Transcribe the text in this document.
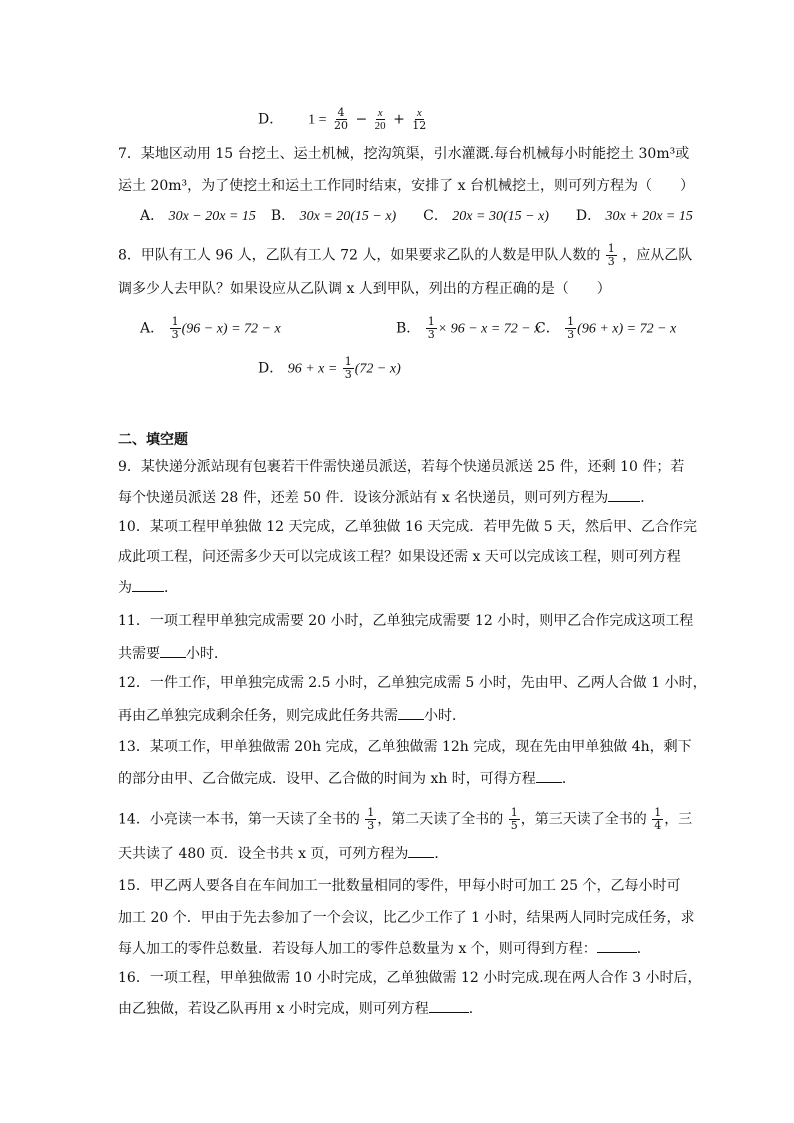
D． $1 = \frac{4}{20} - \frac{x}{20} + \frac{x}{12}$
7．某地区动用 15 台挖土、运土机械，挖沟筑渠，引水灌溉.每台机械每小时能挖土 30m³或
运土 20m³，为了使挖土和运土工作同时结束，安排了 x 台机械挖土，则可列方程为（　　）
A． 30x − 20x = 15 B． 30x = 20(15 − x) C． 20x = 30(15 − x) D． 30x + 20x = 15
8．甲队有工人 96 人，乙队有工人 72 人，如果要求乙队的人数是甲队人数的 $\frac{1}{3}$ ，应从乙队
调多少人去甲队？如果设应从乙队调 x 人到甲队，列出的方程正确的是（　　）
A． $\frac{1}{3} (96 - x) = 72 - x$	B． $\frac{1}{3} \times 96 - x = 72 - x$
C． $\frac{1}{3} (96 + x) = 72 - x$
D． $96 + x = \frac{1}{3} (72 - x)$
二、填空题
9．某快递分派站现有包裹若干件需快递员派送，若每个快递员派送 25 件，还剩 10 件；若
每个快递员派送 28 件，还差 50 件．设该分派站有 x 名快递员，则可列方程为 ．
10．某项工程甲单独做 12 天完成，乙单独做 16 天完成．若甲先做 5 天，然后甲、乙合作完
成此项工程，问还需多少天可以完成该工程？如果设还需 x 天可以完成该工程，则可列方程
为 ．
11．一项工程甲单独完成需要 20 小时，乙单独完成需要 12 小时，则甲乙合作完成这项工程
共需要 小时．
12．一件工作，甲单独完成需 2.5 小时，乙单独完成需 5 小时，先由甲、乙两人合做 1 小时，
再由乙单独完成剩余任务，则完成此任务共需 小时．
13．某项工作，甲单独做需 20h 完成，乙单独做需 12h 完成，现在先由甲单独做 4h，剩下
的部分由甲、乙合做完成．设甲、乙合做的时间为 xh 时，可得方程 ．
14．小亮读一本书，第一天读了全书的 $\frac{1}{3}$ ，第二天读了全书的 $\frac{1}{5}$ ，第三天读了全书的 $\frac{1}{4}$ ，三
天共读了 480 页．设全书共 x 页，可列方程为 ．
15．甲乙两人要各自在车间加工一批数量相同的零件，甲每小时可加工 25 个，乙每小时可
加工 20 个．甲由于先去参加了一个会议，比乙少工作了 1 小时，结果两人同时完成任务，求
每人加工的零件总数量．若设每人加工的零件总数量为 x 个，则可得到方程：	．
16．一项工程，甲单独做需 10 小时完成，乙单独做需 12 小时完成.现在两人合作 3 小时后，
由乙独做，若设乙队再用 x 小时完成，则可列方程	．
